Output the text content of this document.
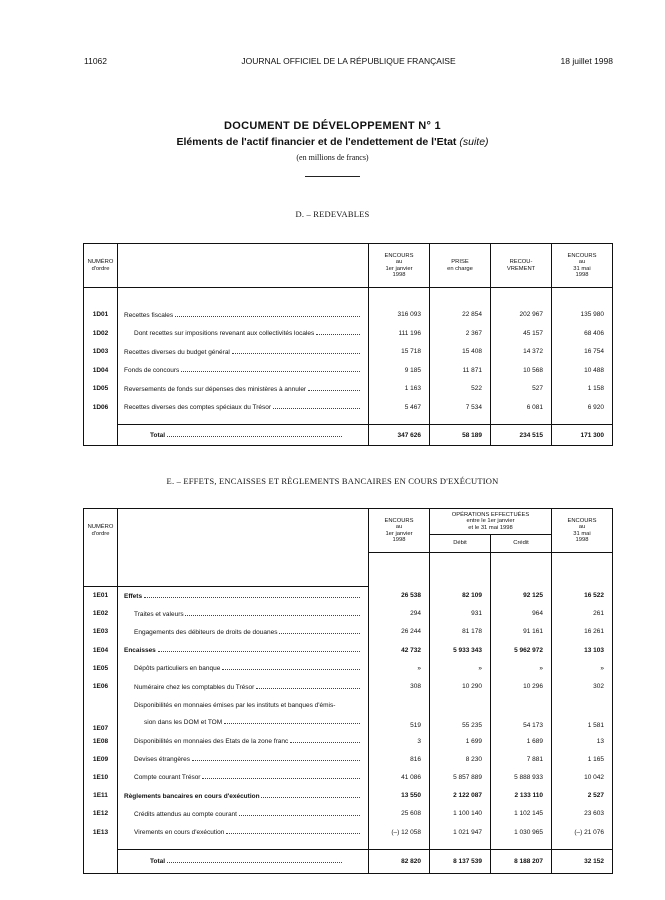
11062	JOURNAL OFFICIEL DE LA RÉPUBLIQUE FRANÇAISE	18 juillet 1998
DOCUMENT DE DÉVELOPPEMENT N° 1
Eléments de l'actif financier et de l'endettement de l'Etat (suite)
(en millions de francs)
D. – REDEVABLES
NUMÉRO
d'ordre		ENCOURS
au
1er janvier
1998	PRISE
en charge	RECOU-
VREMENT	ENCOURS
au
31 mai
1998

1D01	Recettes fiscales	316 093	22 854	202 967	135 980
1D02	Dont recettes sur impositions revenant aux collectivités locales	111 196	2 367	45 157	68 406
1D03	Recettes diverses du budget général	15 718	15 408	14 372	16 754
1D04	Fonds de concours	9 185	11 871	10 568	10 488
1D05	Reversements de fonds sur dépenses des ministères à annuler	1 163	522	527	1 158
1D06	Recettes diverses des comptes spéciaux du Trésor	5 467	7 534	6 081	6 920

	Total	347 626	58 189	234 515	171 300
E. – EFFETS, ENCAISSES ET RÈGLEMENTS BANCAIRES EN COURS D'EXÉCUTION
NUMÉRO
d'ordre		ENCOURS
au
1er janvier
1998	OPÉRATIONS EFFECTUÉES
entre le 1er janvier
et le 31 mai 1998		ENCOURS
au
31 mai
1998
			Débit	Crédit	

1E01	Effets	26 538	82 109	92 125	16 522
1E02	Traites et valeurs	294	931	964	261
1E03	Engagements des débiteurs de droits de douanes	26 244	81 178	91 161	16 261
1E04	Encaisses	42 732	5 933 343	5 962 972	13 103
1E05	Dépôts particuliers en banque	»	»	»	»
1E06	Numéraire chez les comptables du Trésor	308	10 290	10 296	302
1E07	Disponibilités en monnaies émises par les instituts et banques d'émis-
sion dans les DOM et TOM	519	55 235	54 173	1 581
1E08	Disponibilités en monnaies des Etats de la zone franc	3	1 699	1 689	13
1E09	Devises étrangères	816	8 230	7 881	1 165
1E10	Compte courant Trésor	41 086	5 857 889	5 888 933	10 042
1E11	Règlements bancaires en cours d'exécution	13 550	2 122 087	2 133 110	2 527
1E12	Crédits attendus au compte courant	25 608	1 100 140	1 102 145	23 603
1E13	Virements en cours d'exécution	(–) 12 058	1 021 947	1 030 965	(–) 21 076

	Total	82 820	8 137 539	8 188 207	32 152
